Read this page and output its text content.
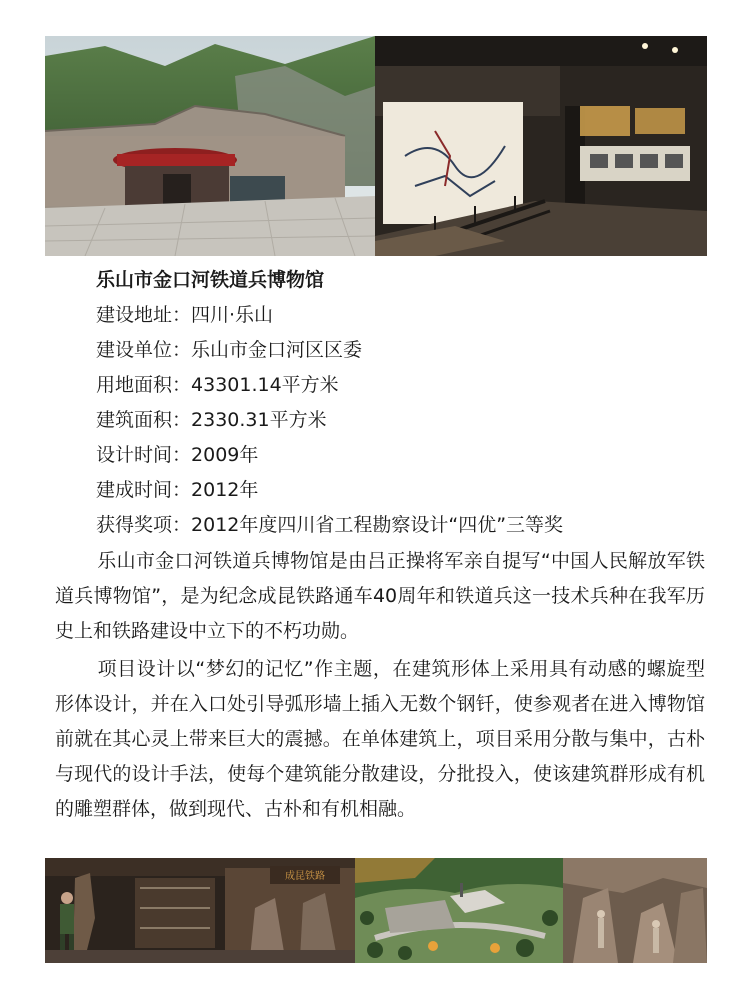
乐山市金口河铁道兵博物馆

建设地址：四川·乐山

建设单位：乐山市金口河区区委

用地面积：43301.14平方米

建筑面积：2330.31平方米

设计时间：2009年

建成时间：2012年

获得奖项：2012年度四川省工程勘察设计“四优”三等奖

乐山市金口河铁道兵博物馆是由吕正操将军亲自提写“中国人民解放军铁道兵博物馆”，是为纪念成昆铁路通车40周年和铁道兵这一技术兵种在我军历史上和铁路建设中立下的不朽功勋。

项目设计以“梦幻的记忆”作主题，在建筑形体上采用具有动感的螺旋型形体设计，并在入口处引导弧形墙上插入无数个钢钎，使参观者在进入博物馆前就在其心灵上带来巨大的震撼。在单体建筑上，项目采用分散与集中，古朴与现代的设计手法，使每个建筑能分散建设，分批投入，使该建筑群形成有机的雕塑群体，做到现代、古朴和有机相融。

成昆铁路
